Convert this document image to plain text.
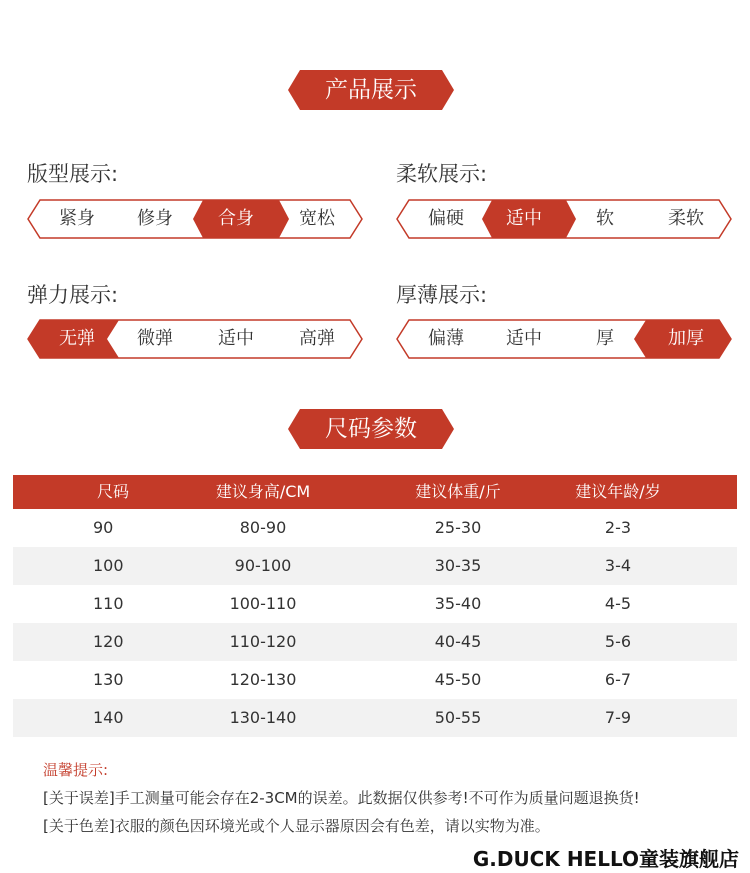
产品展示
版型展示:
紧身	修身	合身	宽松
柔软展示:
偏硬	适中	软	柔软
弹力展示:
无弹	微弹	适中	高弹
厚薄展示:
偏薄	适中	厚	加厚
尺码参数
尺码	建议身高/CM	建议体重/斤	建议年龄/岁
90	80-90	25-30	2-3
100	90-100	30-35	3-4
110	100-110	35-40	4-5
120	110-120	40-45	5-6
130	120-130	45-50	6-7
140	130-140	50-55	7-9
温馨提示:
[关于误差]手工测量可能会存在2-3CM的误差。此数据仅供参考!不可作为质量问题退换货!
[关于色差]衣服的颜色因环境光或个人显示器原因会有色差，请以实物为准。
G.DUCK HELLO童装旗舰店
